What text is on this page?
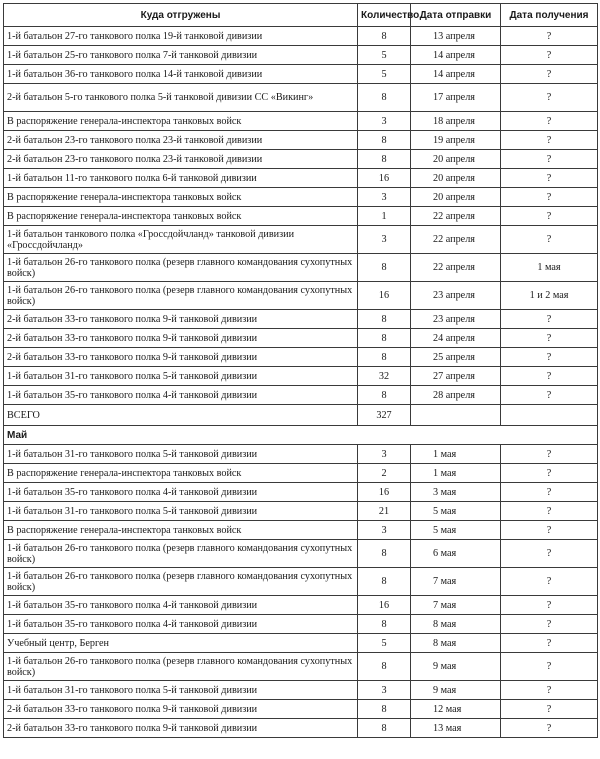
Куда отгружены	Количество	Дата отправки	Дата получения
1-й батальон 27-го танкового полка 19-й танковой дивизии	8	13 апреля	?
1-й батальон 25-го танкового полка 7-й танковой дивизии	5	14 апреля	?
1-й батальон 36-го танкового полка 14-й танковой дивизии	5	14 апреля	?
2-й батальон 5-го танкового полка 5-й танковой дивизии СС «Викинг»	8	17 апреля	?
В распоряжение генерала-инспектора танковых войск	3	18 апреля	?
2-й батальон 23-го танкового полка 23-й танковой дивизии	8	19 апреля	?
2-й батальон 23-го танкового полка 23-й танковой дивизии	8	20 апреля	?
1-й батальон 11-го танкового полка 6-й танковой дивизии	16	20 апреля	?
В распоряжение генерала-инспектора танковых войск	3	20 апреля	?
В распоряжение генерала-инспектора танковых войск	1	22 апреля	?
1-й батальон танкового полка «Гроссдойчланд» танковой дивизии «Гроссдойчланд»	3	22 апреля	?
1-й батальон 26-го танкового полка (резерв главного командования сухопутных войск)	8	22 апреля	1 мая
1-й батальон 26-го танкового полка (резерв главного командования сухопутных войск)	16	23 апреля	1 и 2 мая
2-й батальон 33-го танкового полка 9-й танковой дивизии	8	23 апреля	?
2-й батальон 33-го танкового полка 9-й танковой дивизии	8	24 апреля	?
2-й батальон 33-го танкового полка 9-й танковой дивизии	8	25 апреля	?
1-й батальон 31-го танкового полка 5-й танковой дивизии	32	27 апреля	?
1-й батальон 35-го танкового полка 4-й танковой дивизии	8	28 апреля	?
ВСЕГО	327		
Май			
1-й батальон 31-го танкового полка 5-й танковой дивизии	3	1 мая	?
В распоряжение генерала-инспектора танковых войск	2	1 мая	?
1-й батальон 35-го танкового полка 4-й танковой дивизии	16	3 мая	?
1-й батальон 31-го танкового полка 5-й танковой дивизии	21	5 мая	?
В распоряжение генерала-инспектора танковых войск	3	5 мая	?
1-й батальон 26-го танкового полка (резерв главного командования сухопутных войск)	8	6 мая	?
1-й батальон 26-го танкового полка (резерв главного командования сухопутных войск)	8	7 мая	?
1-й батальон 35-го танкового полка 4-й танковой дивизии	16	7 мая	?
1-й батальон 35-го танкового полка 4-й танковой дивизии	8	8 мая	?
Учебный центр, Берген	5	8 мая	?
1-й батальон 26-го танкового полка (резерв главного командования сухопутных войск)	8	9 мая	?
1-й батальон 31-го танкового полка 5-й танковой дивизии	3	9 мая	?
2-й батальон 33-го танкового полка 9-й танковой дивизии	8	12 мая	?
2-й батальон 33-го танкового полка 9-й танковой дивизии	8	13 мая	?
